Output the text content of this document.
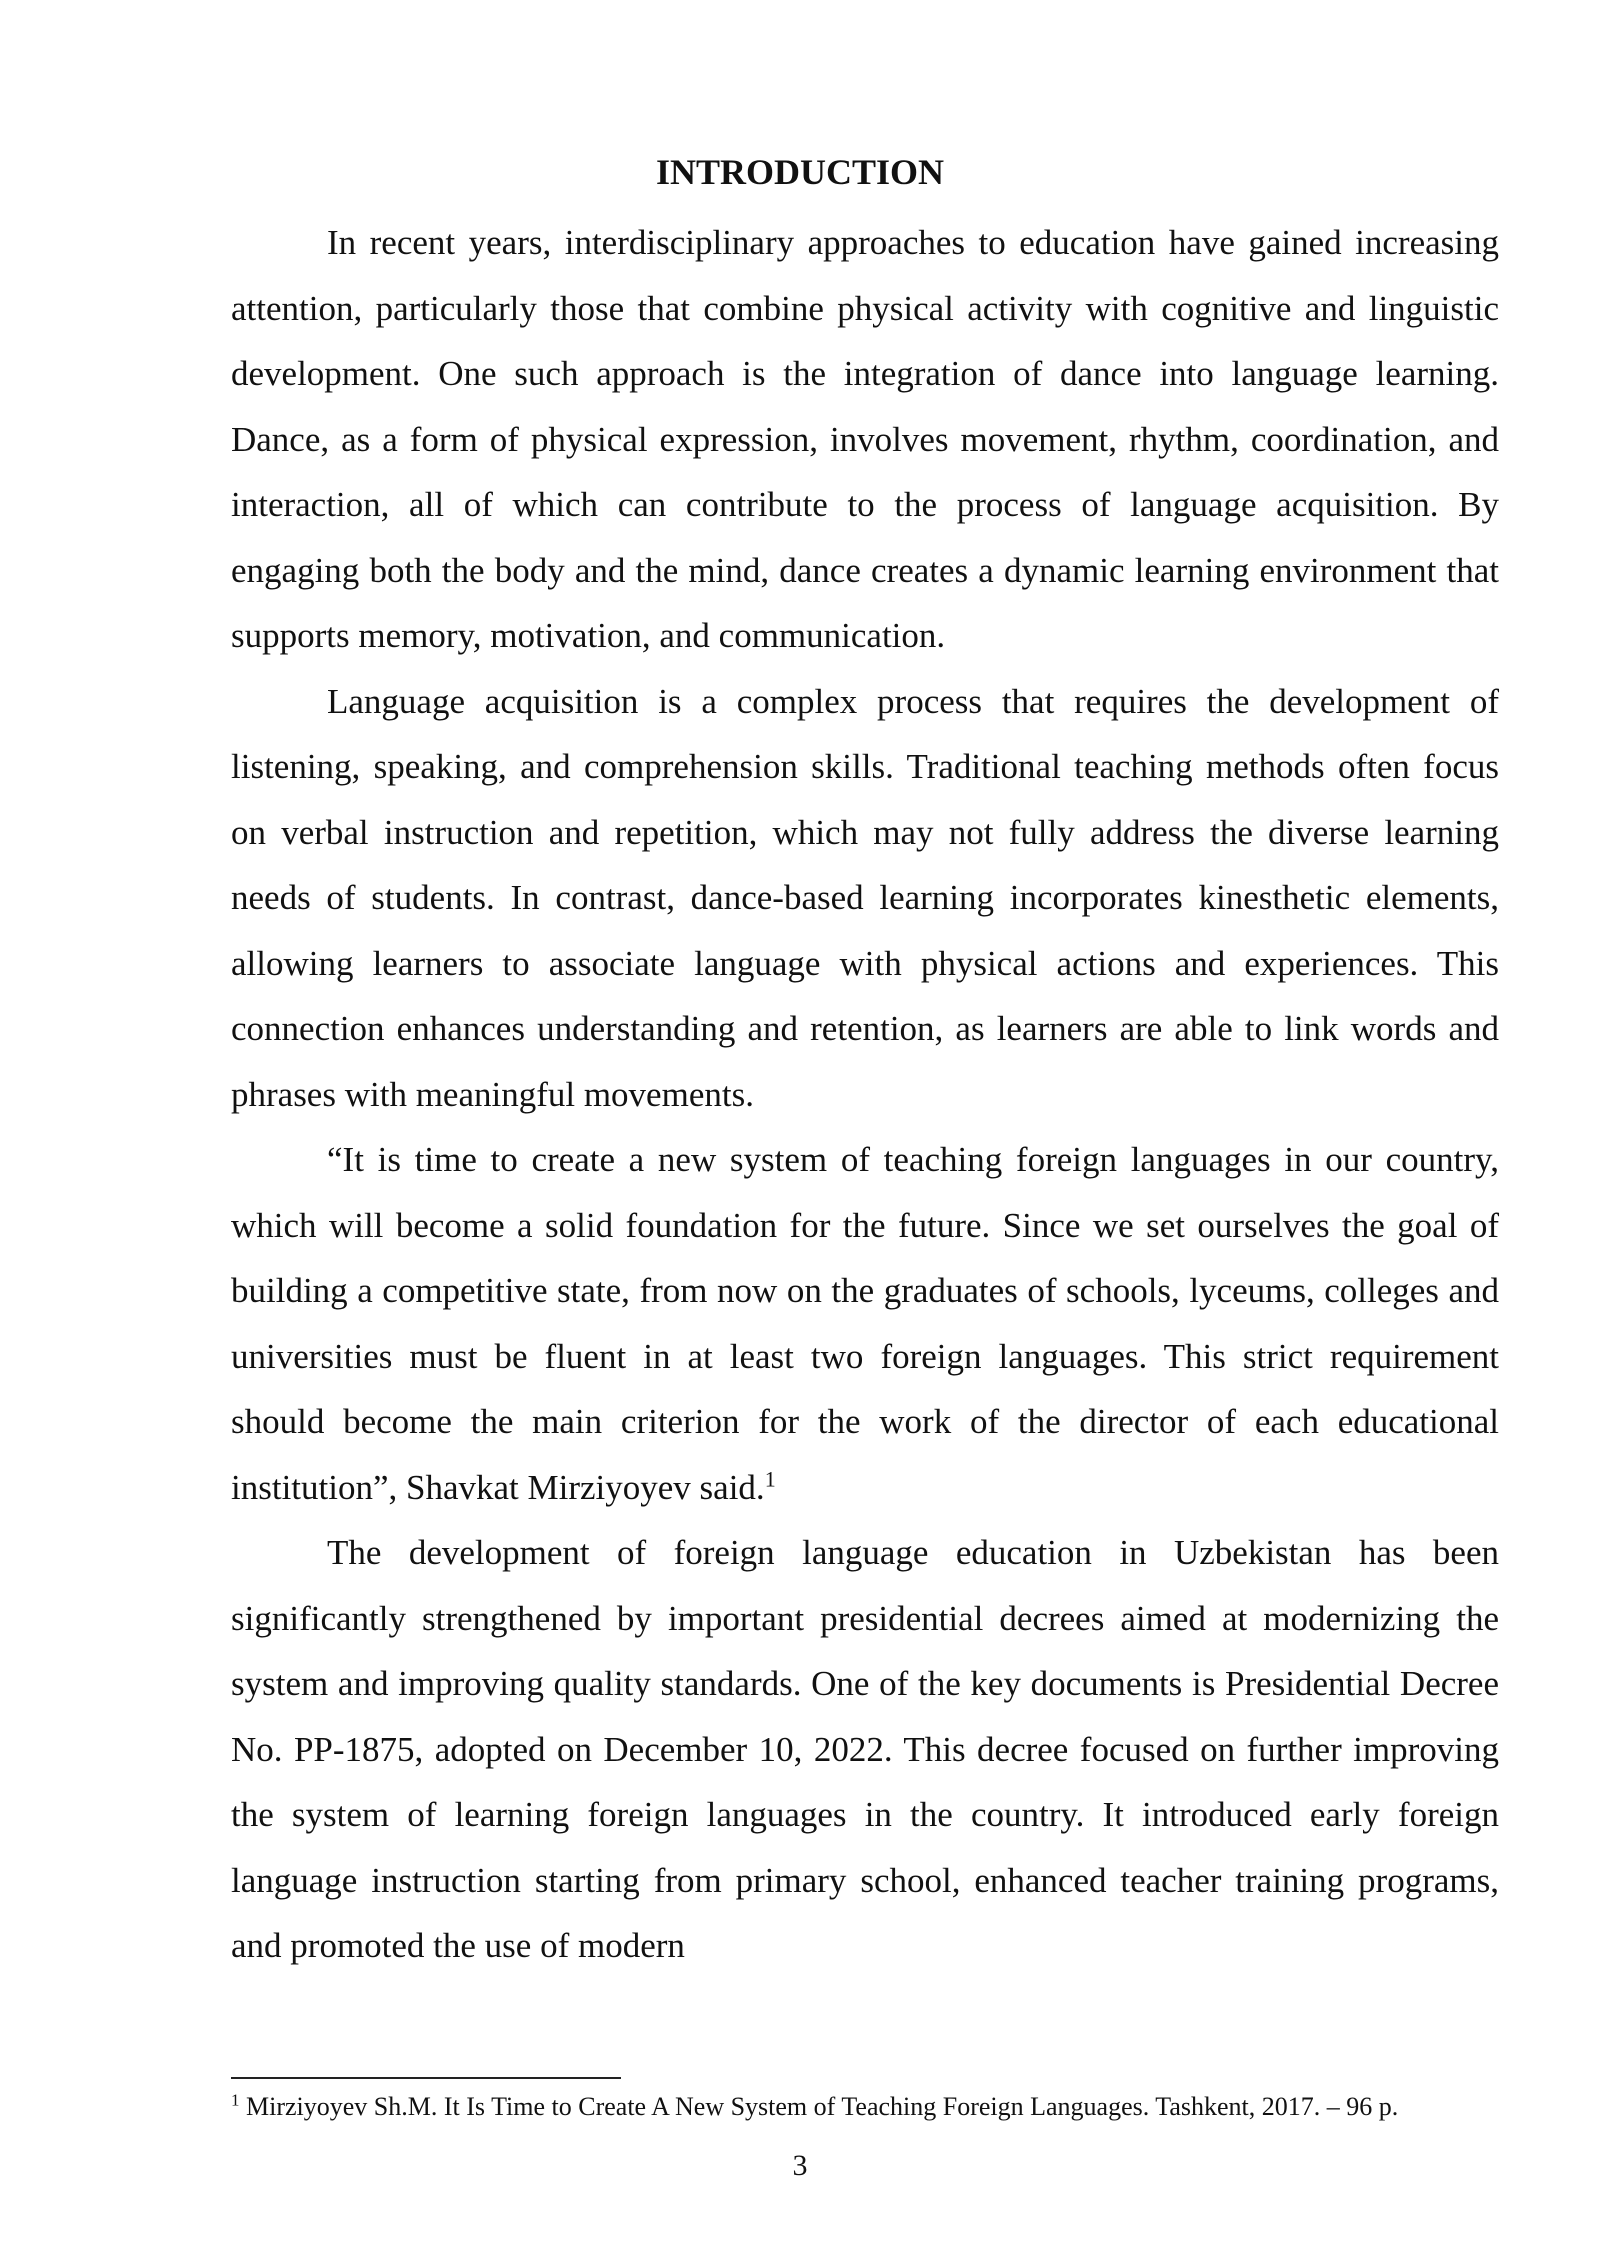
INTRODUCTION

In recent years, interdisciplinary approaches to education have gained increasing attention, particularly those that combine physical activity with cognitive and linguistic development. One such approach is the integration of dance into language learning. Dance, as a form of physical expression, involves movement, rhythm, coordination, and interaction, all of which can contribute to the process of language acquisition. By engaging both the body and the mind, dance creates a dynamic learning environment that supports memory, motivation, and communication.

Language acquisition is a complex process that requires the development of listening, speaking, and comprehension skills. Traditional teaching methods often focus on verbal instruction and repetition, which may not fully address the diverse learning needs of students. In contrast, dance-based learning incorporates kinesthetic elements, allowing learners to associate language with physical actions and experiences. This connection enhances understanding and retention, as learners are able to link words and phrases with meaningful movements.

“It is time to create a new system of teaching foreign languages in our country, which will become a solid foundation for the future. Since we set ourselves the goal of building a competitive state, from now on the graduates of schools, lyceums, colleges and universities must be fluent in at least two foreign languages. This strict requirement should become the main criterion for the work of the director of each educational institution”, Shavkat Mirziyoyev said.$^1$

The development of foreign language education in Uzbekistan has been significantly strengthened by important presidential decrees aimed at modernizing the system and improving quality standards. One of the key documents is Presidential Decree No. PP-1875, adopted on December 10, 2022. This decree focused on further improving the system of learning foreign languages in the country. It introduced early foreign language instruction starting from primary school, enhanced teacher training programs, and promoted the use of modern

$^1$ Mirziyoyev Sh.M. It Is Time to Create A New System of Teaching Foreign Languages. Tashkent, 2017. – 96 p.
3
